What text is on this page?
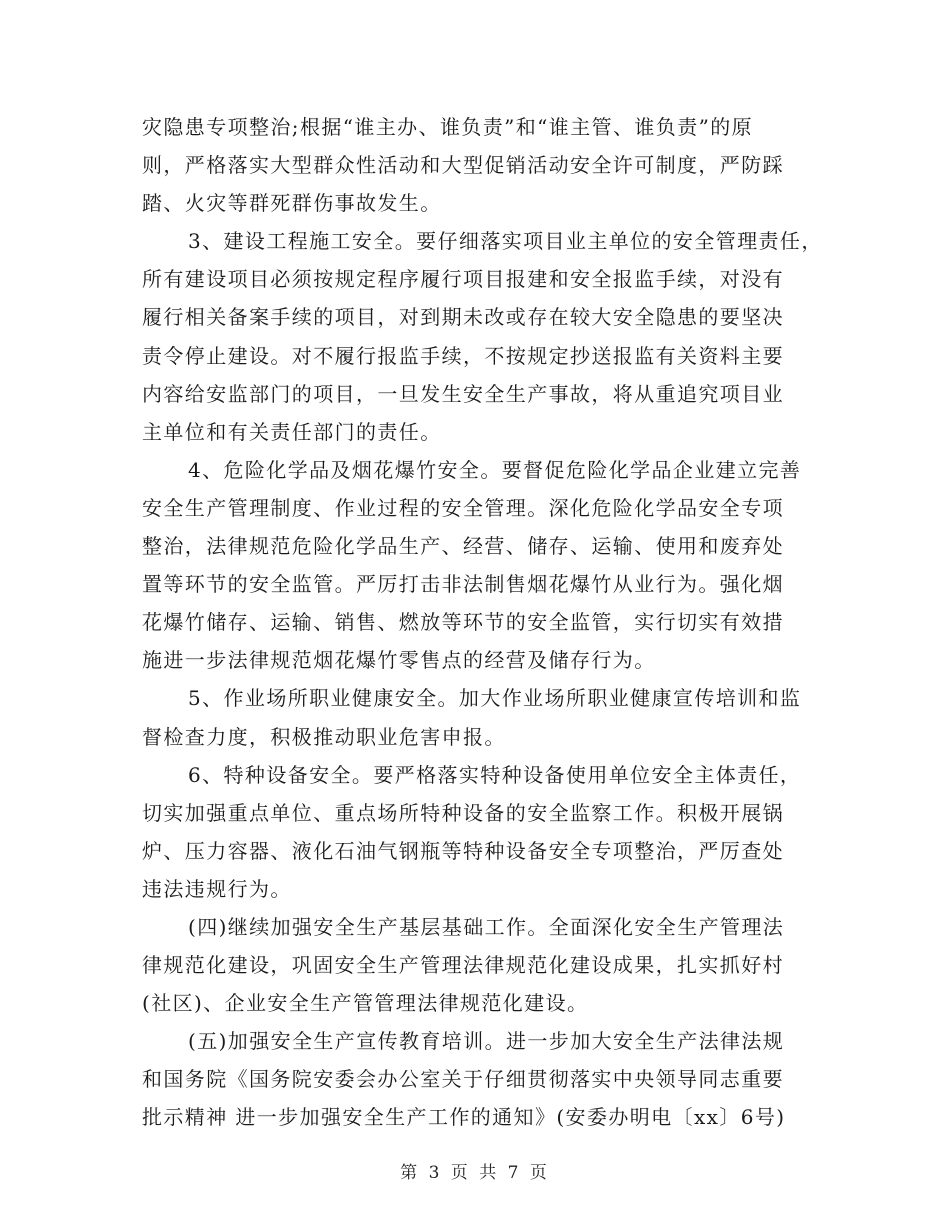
灾隐患专项整治;根据“谁主办、谁负责”和“谁主管、谁负责”的原
则，严格落实大型群众性活动和大型促销活动安全许可制度，严防踩
踏、火灾等群死群伤事故发生。
3、建设工程施工安全。要仔细落实项目业主单位的安全管理责任，
所有建设项目必须按规定程序履行项目报建和安全报监手续，对没有
履行相关备案手续的项目，对到期未改或存在较大安全隐患的要坚决
责令停止建设。对不履行报监手续，不按规定抄送报监有关资料主要
内容给安监部门的项目，一旦发生安全生产事故，将从重追究项目业
主单位和有关责任部门的责任。
4、危险化学品及烟花爆竹安全。要督促危险化学品企业建立完善
安全生产管理制度、作业过程的安全管理。深化危险化学品安全专项
整治，法律规范危险化学品生产、经营、储存、运输、使用和废弃处
置等环节的安全监管。严厉打击非法制售烟花爆竹从业行为。强化烟
花爆竹储存、运输、销售、燃放等环节的安全监管，实行切实有效措
施进一步法律规范烟花爆竹零售点的经营及储存行为。
5、作业场所职业健康安全。加大作业场所职业健康宣传培训和监
督检查力度，积极推动职业危害申报。
6、特种设备安全。要严格落实特种设备使用单位安全主体责任，
切实加强重点单位、重点场所特种设备的安全监察工作。积极开展锅
炉、压力容器、液化石油气钢瓶等特种设备安全专项整治，严厉查处
违法违规行为。
(四)继续加强安全生产基层基础工作。全面深化安全生产管理法
律规范化建设，巩固安全生产管理法律规范化建设成果，扎实抓好村
(社区)、企业安全生产管管理法律规范化建设。
(五)加强安全生产宣传教育培训。进一步加大安全生产法律法规
和国务院《国务院安委会办公室关于仔细贯彻落实中央领导同志重要
批示精神 进一步加强安全生产工作的通知》(安委办明电〔xx〕6号)
第 3 页 共 7 页
